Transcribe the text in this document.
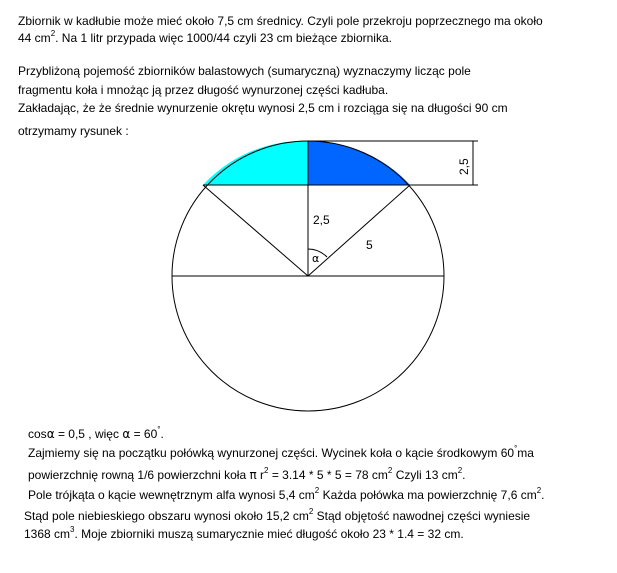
Zbiornik w kadłubie może mieć około 7,5 cm średnicy. Czyli pole przekroju poprzecznego ma około
44 $cm^2$. Na 1 litr przypada więc 1000/44 czyli 23 cm bieżące zbiornika.
Przybliżoną pojemość zbiorników balastowych (sumaryczną) wyznaczymy licząc pole
fragmentu koła i mnożąc ją przez długość wynurzonej części kadłuba.
Zakładając, że że średnie wynurzenie okrętu wynosi 2,5 cm i rozciąga się na długości 90 cm
otrzymamy rysunek :
2,5
2,5
5
α
cosα = 0,5 , więc α = 60°.
Zajmiemy się na początku połówką wynurzonej części. Wycinek koła o kącie środkowym 60°ma
powierzchnię rowną 1/6 powierzchni koła π $r^2 = 3.14 * 5 * 5 = 78$ $cm^2$ Czyli 13 $cm^2$.
Pole trójkąta o kącie wewnętrznym alfa wynosi 5,4 $cm^2$ Każda połówka ma powierzchnię 7,6 $cm^2$.
Stąd pole niebieskiego obszaru wynosi około 15,2 $cm^2$ Stąd objętość nawodnej części wyniesie
1368 $cm^3$. Moje zbiorniki muszą sumarycznie mieć długość około 23 * 1.4 = 32 cm.
